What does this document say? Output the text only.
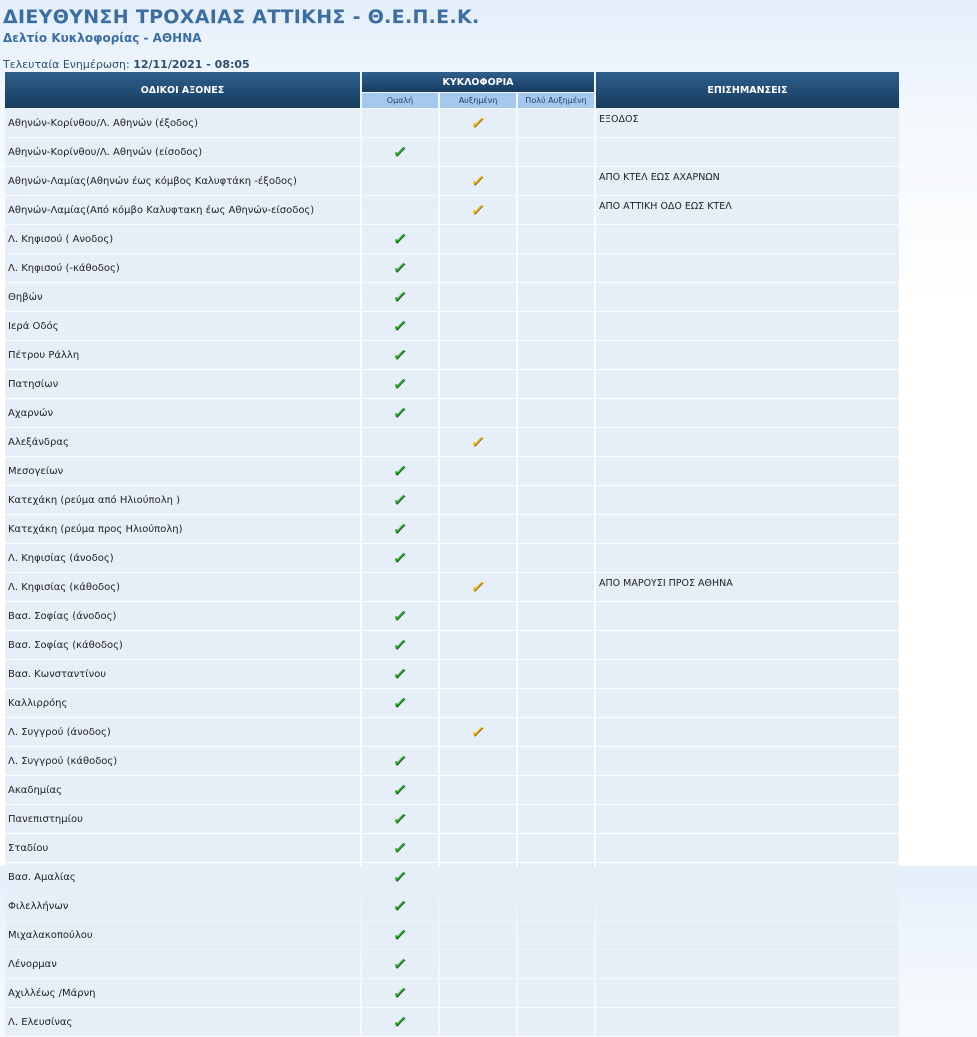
ΔΙΕΥΘΥΝΣΗ ΤΡΟΧΑΙΑΣ ΑΤΤΙΚΗΣ - Θ.Ε.Π.Ε.Κ.
Δελτίο Κυκλοφορίας - ΑΘΗΝΑ
Τελευταία Ενημέρωση: 12/11/2021 - 08:05
ΟΔΙΚΟΙ ΑΞΟΝΕΣ	ΚΥΚΛΟΦΟΡΙΑ			ΕΠΙΣΗΜΑΝΣΕΙΣ
	Ομαλή	Αυξημένη	Πολύ Αυξημένη	
Αθηνών-Κορίνθου/Λ. Αθηνών (έξοδος)		✓		ΕΞΟΔΟΣ
Αθηνών-Κορίνθου/Λ. Αθηνών (είσοδος)	✓			
Αθηνών-Λαμίας(Αθηνών έως κόμβος Καλυφτάκη -έξοδος)		✓		ΑΠΟ ΚΤΕΛ ΕΩΣ ΑΧΑΡΝΩΝ
Αθηνών-Λαμίας(Από κόμβο Καλυφτακη έως Αθηνών-είσοδος)		✓		ΑΠΟ ΑΤΤΙΚΗ ΟΔΟ ΕΩΣ ΚΤΕΛ
Λ. Κηφισού ( Ανοδος)	✓			
Λ. Κηφισού (-κάθοδος)	✓			
Θηβών	✓			
Ιερά Οδός	✓			
Πέτρου Ράλλη	✓			
Πατησίων	✓			
Αχαρνών	✓			
Αλεξάνδρας		✓		
Μεσογείων	✓			
Κατεχάκη (ρεύμα από Ηλιούπολη )	✓			
Κατεχάκη (ρεύμα προς Ηλιούπολη)	✓			
Λ. Κηφισίας (άνοδος)	✓			
Λ. Κηφισίας (κάθοδος)		✓		ΑΠΟ ΜΑΡΟΥΣΙ ΠΡΟΣ ΑΘΗΝΑ
Βασ. Σοφίας (άνοδος)	✓			
Βασ. Σοφίας (κάθοδος)	✓			
Βασ. Κωνσταντίνου	✓			
Καλλιρρόης	✓			
Λ. Συγγρού (άνοδος)		✓		
Λ. Συγγρού (κάθοδος)	✓			
Ακαδημίας	✓			
Πανεπιστημίου	✓			
Σταδίου	✓			
Βασ. Αμαλίας	✓			
Φιλελλήνων	✓			
Μιχαλακοπούλου	✓			
Λένορμαν	✓			
Αχιλλέως /Μάρνη	✓			
Λ. Ελευσίνας	✓			
